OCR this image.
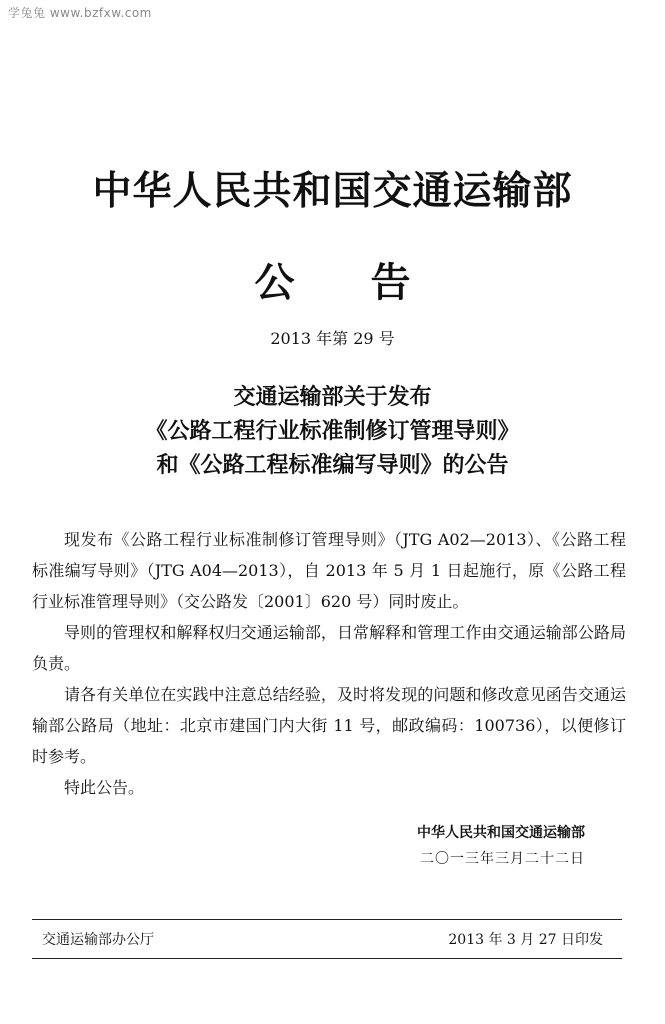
学兔兔 www.bzfxw.com
中华人民共和国交通运输部
公告
2013 年第 29 号
交通运输部关于发布
《公路工程行业标准制修订管理导则》
和《公路工程标准编写导则》的公告

现发布《公路工程行业标准制修订管理导则》（JTG A02—2013）、《公路工程标准编写导则》（JTG A04—2013），自 2013 年 5 月 1 日起施行，原《公路工程行业标准管理导则》（交公路发〔2001〕620 号）同时废止。

导则的管理权和解释权归交通运输部，日常解释和管理工作由交通运输部公路局负责。

请各有关单位在实践中注意总结经验，及时将发现的问题和修改意见函告交通运输部公路局（地址：北京市建国门内大街 11 号，邮政编码：100736），以便修订时参考。

特此公告。

中华人民共和国交通运输部
二〇一三年三月二十二日
交通运输部办公厅	2013 年 3 月 27 日印发
